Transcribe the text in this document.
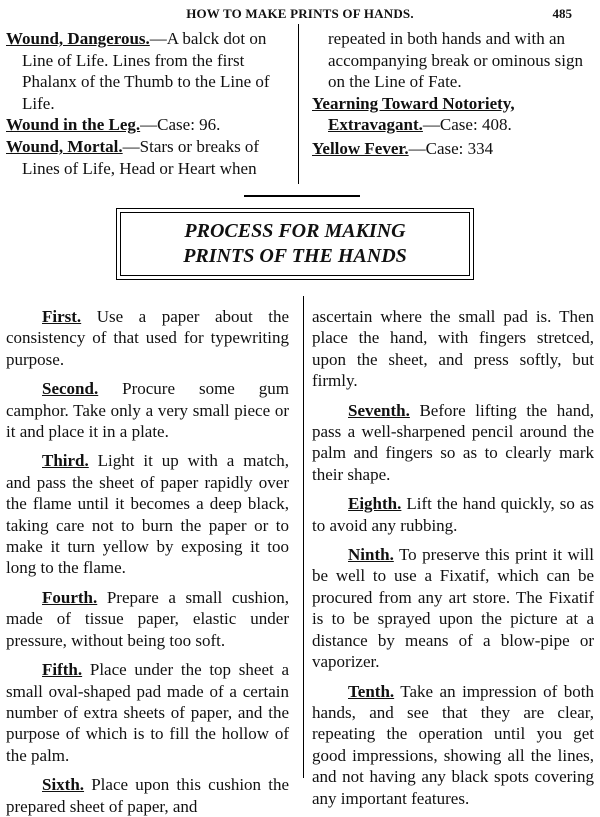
HOW TO MAKE PRINTS OF HANDS.	485

Wound, Dangerous.—A balck dot on Line of Life. Lines from the first Phalanx of the Thumb to the Line of Life.

Wound in the Leg.—Case: 96.

Wound, Mortal.—Stars or breaks of Lines of Life, Head or Heart when

repeated in both hands and with an accompanying break or ominous sign on the Line of Fate.

Yearning Toward Notoriety, Extravagant.—Case: 408.

Yellow Fever.—Case: 334

PROCESS FOR MAKING
PRINTS OF THE HANDS

First. Use a paper about the consistency of that used for typewriting purpose.

Second. Procure some gum camphor. Take only a very small piece or it and place it in a plate.

Third. Light it up with a match, and pass the sheet of paper rapidly over the flame until it becomes a deep black, taking care not to burn the paper or to make it turn yellow by exposing it too long to the flame.

Fourth. Prepare a small cushion, made of tissue paper, elastic under pressure, without being too soft.

Fifth. Place under the top sheet a small oval-shaped pad made of a certain number of extra sheets of paper, and the purpose of which is to fill the hollow of the palm.

Sixth. Place upon this cushion the prepared sheet of paper, and

ascertain where the small pad is. Then place the hand, with fingers stretced, upon the sheet, and press softly, but firmly.

Seventh. Before lifting the hand, pass a well-sharpened pencil around the palm and fingers so as to clearly mark their shape.

Eighth. Lift the hand quickly, so as to avoid any rubbing.

Ninth. To preserve this print it will be well to use a Fixatif, which can be procured from any art store. The Fixatif is to be sprayed upon the picture at a distance by means of a blow-pipe or vaporizer.

Tenth. Take an impression of both hands, and see that they are clear, repeating the operation until you get good impressions, showing all the lines, and not having any black spots covering any important features.
